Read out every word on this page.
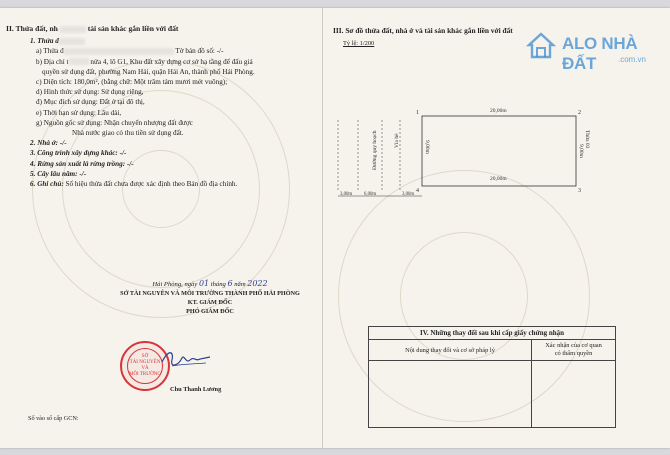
II. Thửa đất, nh	tài sản khác gắn liền với đất
1. Thửa đ
a) Thửa đ	Tờ bản đồ số: -/-
b) Địa chỉ t	nửa 4, lô G1, Khu đất xây dựng cơ sở hạ tầng để đấu giá
quyền sử dụng đất, phường Nam Hải, quận Hải An, thành phố Hải Phòng.
c) Diện tích: 180,0m², (bằng chữ: Một trăm tám mươi mét vuông);
d) Hình thức sử dụng: Sử dụng riêng,
đ) Mục đích sử dụng: Đất ở tại đô thị,
e) Thời hạn sử dụng: Lâu dài,
g) Nguồn gốc sử dụng: Nhận chuyển nhượng đất được
Nhà nước giao có thu tiền sử dụng đất.
2. Nhà ở: -/-
3. Công trình xây dựng khác: -/-
4. Rừng sản xuất là rừng trồng: -/-
5. Cây lâu năm: -/-
6. Ghi chú: Số hiệu thửa đất chưa được xác định theo Bản đồ địa chính.
Hải Phòng, ngày 01 tháng 6 năm 2022
SỞ TÀI NGUYÊN VÀ MÔI TRƯỜNG THÀNH PHỐ HẢI PHÒNG
KT. GIÁM ĐỐC
PHÓ GIÁM ĐỐC
SỞ
TÀI NGUYÊN
VÀ
MÔI TRƯỜNG
Chu Thanh Lương
Số vào sổ cấp GCN:
III. Sơ đồ thửa đất, nhà ở và tài sản khác gắn liền với đất
Tỷ lệ: 1/200
1	2
3
4
20,00m
20,00m
Thửa 03
9,00m
9,00m
Đường quy hoạch	Vỉa hè
3,00m 6,00m	3,00m
IV. Những thay đổi sau khi cấp giấy chứng nhận
Nội dung thay đổi và cơ sở pháp lý
Xác nhận của cơ quan
có thẩm quyền
ALO NHÀ ĐẤT	.com.vn
